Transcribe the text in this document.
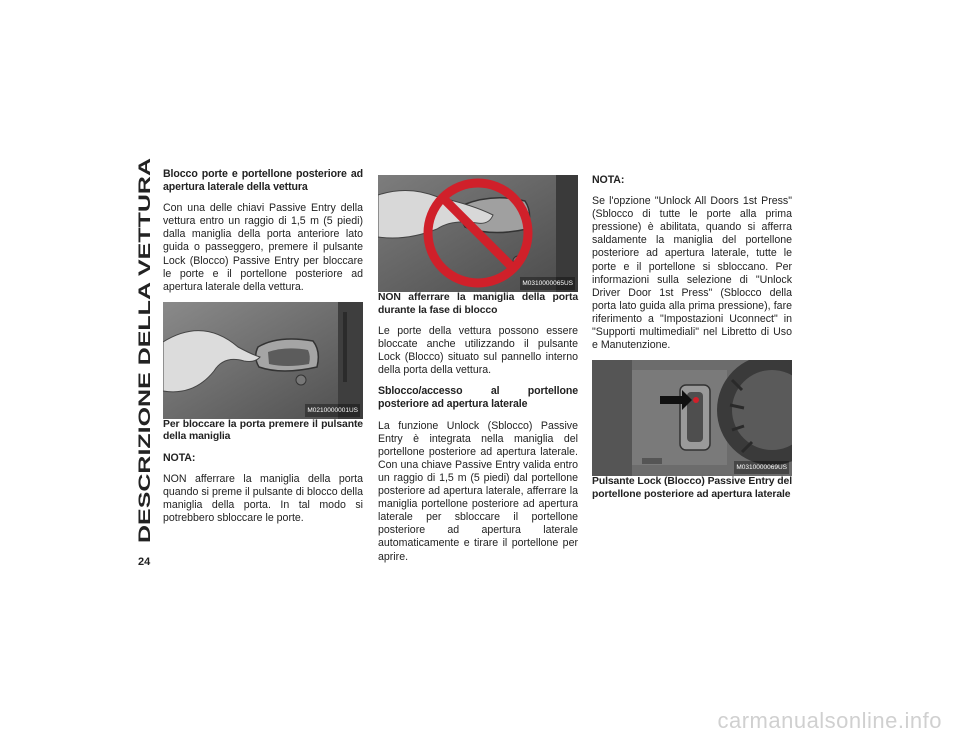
DESCRIZIONE DELLA VETTURA
24

Blocco porte e portellone posteriore ad apertura laterale della vettura

Con una delle chiavi Passive Entry della vettura entro un raggio di 1,5 m (5 piedi) dalla maniglia della porta anteriore lato guida o passeggero, premere il pulsante Lock (Blocco) Passive Entry per bloccare le porte e il portellone posteriore ad apertura laterale della vettura.

M0210000001US

Per bloccare la porta premere il pulsante della maniglia

NOTA:

NON afferrare la maniglia della porta quando si preme il pulsante di blocco della maniglia della porta. In tal modo si potrebbero sbloccare le porte.

M0310000065US

NON afferrare la maniglia della porta durante la fase di blocco

Le porte della vettura possono essere bloccate anche utilizzando il pulsante Lock (Blocco) situato sul pannello interno della porta della vettura.

Sblocco/accesso al portellone posteriore ad apertura laterale

La funzione Unlock (Sblocco) Passive Entry è integrata nella maniglia del portellone posteriore ad apertura laterale. Con una chiave Passive Entry valida entro un raggio di 1,5 m (5 piedi) dal portellone posteriore ad apertura laterale, afferrare la maniglia portellone posteriore ad apertura laterale per sbloccare il portellone posteriore ad apertura laterale automaticamente e tirare il portellone per aprire.

NOTA:

Se l'opzione "Unlock All Doors 1st Press" (Sblocco di tutte le porte alla prima pressione) è abilitata, quando si afferra saldamente la maniglia del portellone posteriore ad apertura laterale, tutte le porte e il portellone si sbloccano. Per informazioni sulla selezione di "Unlock Driver Door 1st Press" (Sblocco della porta lato guida alla prima pressione), fare riferimento a "Impostazioni Uconnect" in "Supporti multimediali" nel Libretto di Uso e Manutenzione.

M0310000069US

Pulsante Lock (Blocco) Passive Entry del portellone posteriore ad apertura laterale

carmanualsonline.info
